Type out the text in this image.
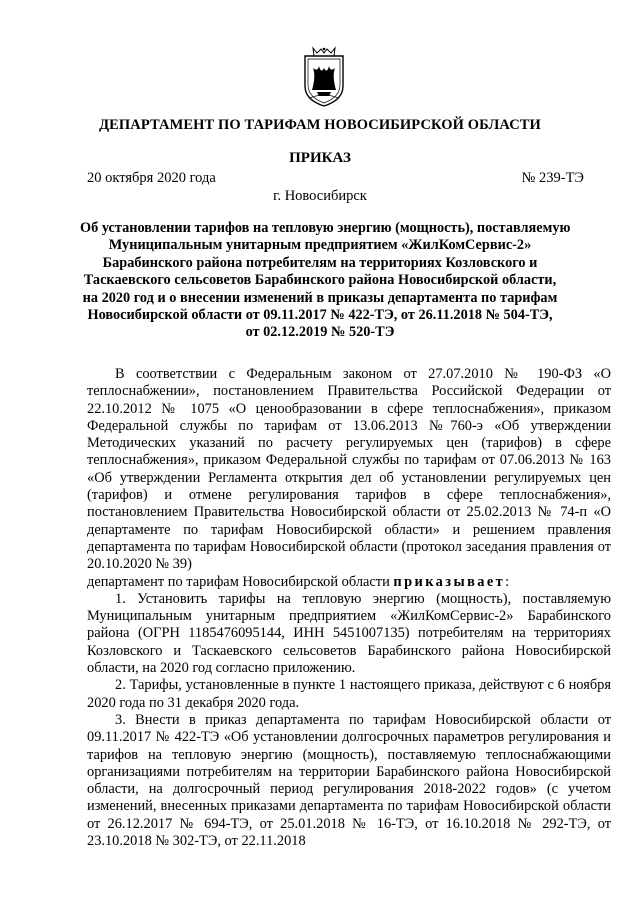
ДЕПАРТАМЕНТ ПО ТАРИФАМ НОВОСИБИРСКОЙ ОБЛАСТИ
ПРИКАЗ
20 октября 2020 года	№ 239-ТЭ
г. Новосибирск
Об установлении тарифов на тепловую энергию (мощность), поставляемую
Муниципальным унитарным предприятием «ЖилКомСервис-2»
Барабинского района потребителям на территориях Козловского и
Таскаевского сельсоветов Барабинского района Новосибирской области,
на 2020 год и о внесении изменений в приказы департамента по тарифам
Новосибирской области от 09.11.2017 № 422-ТЭ, от 26.11.2018 № 504-ТЭ,
от 02.12.2019 № 520-ТЭ

В соответствии с Федеральным законом от 27.07.2010 № 190-ФЗ «О теплоснабжении», постановлением Правительства Российской Федерации от 22.10.2012 № 1075 «О ценообразовании в сфере теплоснабжения», приказом Федеральной службы по тарифам от 13.06.2013 №760-э «Об утверждении Методических указаний по расчету регулируемых цен (тарифов) в сфере теплоснабжения», приказом Федеральной службы по тарифам от 07.06.2013 № 163 «Об утверждении Регламента открытия дел об установлении регулируемых цен (тарифов) и отмене регулирования тарифов в сфере теплоснабжения», постановлением Правительства Новосибирской области от 25.02.2013 № 74-п «О департаменте по тарифам Новосибирской области» и решением правления департамента по тарифам Новосибирской области (протокол заседания правления от 20.10.2020 № 39)

департамент по тарифам Новосибирской области приказывает:

1. Установить тарифы на тепловую энергию (мощность), поставляемую Муниципальным унитарным предприятием «ЖилКомСервис-2» Барабинского района (ОГРН 1185476095144, ИНН 5451007135) потребителям на территориях Козловского и Таскаевского сельсоветов Барабинского района Новосибирской области, на 2020 год согласно приложению.

2. Тарифы, установленные в пункте 1 настоящего приказа, действуют с 6 ноября 2020 года по 31 декабря 2020 года.

3. Внести в приказ департамента по тарифам Новосибирской области от 09.11.2017 № 422-ТЭ «Об установлении долгосрочных параметров регулирования и тарифов на тепловую энергию (мощность), поставляемую теплоснабжающими организациями потребителям на территории Барабинского района Новосибирской области, на долгосрочный период регулирования 2018-2022 годов» (с учетом изменений, внесенных приказами департамента по тарифам Новосибирской области от 26.12.2017 № 694-ТЭ, от 25.01.2018 № 16-ТЭ, от 16.10.2018 № 292-ТЭ, от 23.10.2018 № 302-ТЭ, от 22.11.2018
